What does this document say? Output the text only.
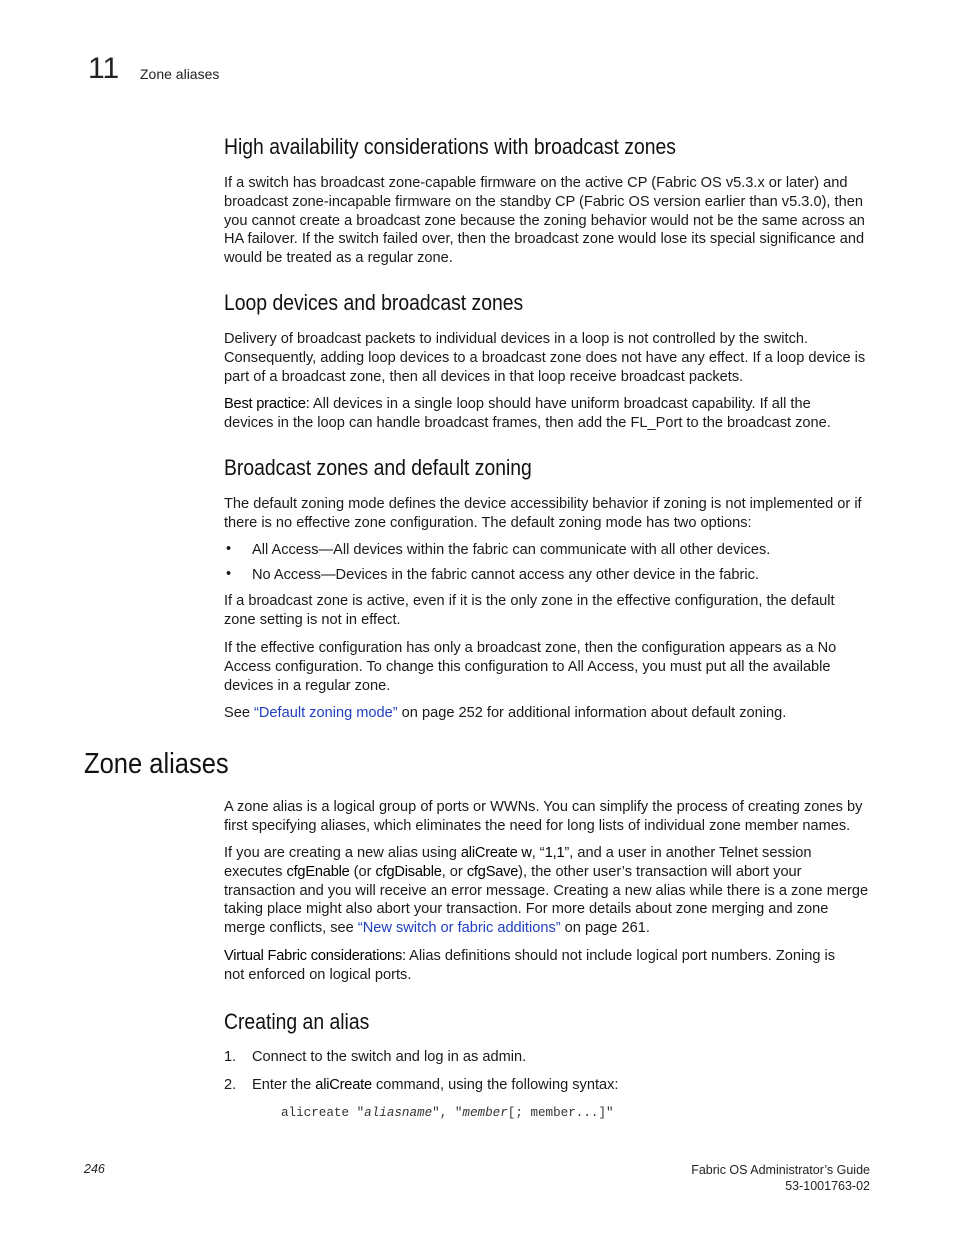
11 Zone aliases
High availability considerations with broadcast zones

If a switch has broadcast zone-capable firmware on the active CP (Fabric OS v5.3.x or later) and

broadcast zone-incapable firmware on the standby CP (Fabric OS version earlier than v5.3.0), then

you cannot create a broadcast zone because the zoning behavior would not be the same across an

HA failover. If the switch failed over, then the broadcast zone would lose its special significance and

would be treated as a regular zone.

Loop devices and broadcast zones

Delivery of broadcast packets to individual devices in a loop is not controlled by the switch.

Consequently, adding loop devices to a broadcast zone does not have any effect. If a loop device is

part of a broadcast zone, then all devices in that loop receive broadcast packets.

Best practice: All devices in a single loop should have uniform broadcast capability. If all the

devices in the loop can handle broadcast frames, then add the FL_Port to the broadcast zone.

Broadcast zones and default zoning

The default zoning mode defines the device accessibility behavior if zoning is not implemented or if

there is no effective zone configuration. The default zoning mode has two options:

• All Access—All devices within the fabric can communicate with all other devices.
• No Access—Devices in the fabric cannot access any other device in the fabric.

If a broadcast zone is active, even if it is the only zone in the effective configuration, the default

zone setting is not in effect.

If the effective configuration has only a broadcast zone, then the configuration appears as a No

Access configuration. To change this configuration to All Access, you must put all the available

devices in a regular zone.

See “Default zoning mode” on page 252 for additional information about default zoning.

Zone aliases

A zone alias is a logical group of ports or WWNs. You can simplify the process of creating zones by

first specifying aliases, which eliminates the need for long lists of individual zone member names.

If you are creating a new alias using aliCreate w, “1,1”, and a user in another Telnet session

executes cfgEnable (or cfgDisable, or cfgSave), the other user’s transaction will abort your

transaction and you will receive an error message. Creating a new alias while there is a zone merge

taking place might also abort your transaction. For more details about zone merging and zone

merge conflicts, see “New switch or fabric additions” on page 261.

Virtual Fabric considerations: Alias definitions should not include logical port numbers. Zoning is

not enforced on logical ports.

Creating an alias
1. Connect to the switch and log in as admin.
2. Enter the aliCreate command, using the following syntax:
alicreate "aliasname", "member[; member...]"
246	Fabric OS Administrator’s Guide
53-1001763-02
